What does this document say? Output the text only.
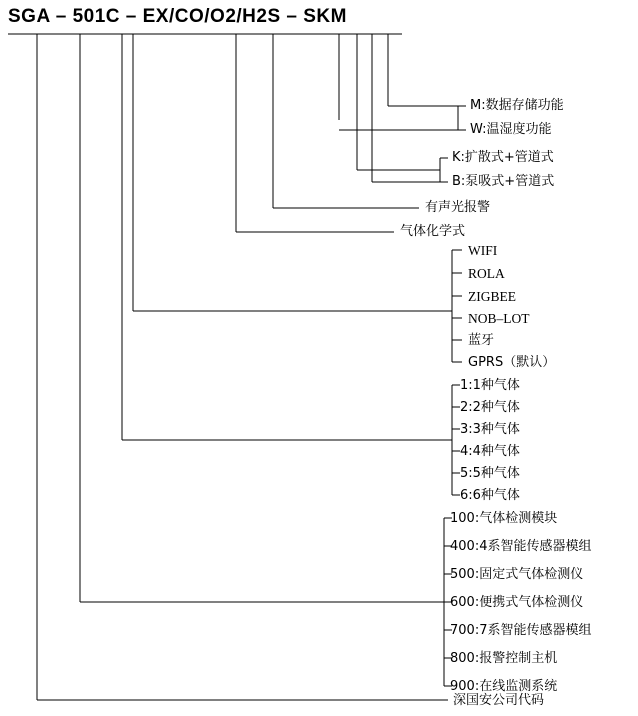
SGA – 501C – EX/CO/O2/H2S – SKM
M:数据存储功能
W:温湿度功能
K:扩散式+管道式
B:泵吸式+管道式
有声光报警
气体化学式
WIFI
ROLA
ZIGBEE
NOB–LOT
蓝牙
GPRS（默认）
1:1种气体
2:2种气体
3:3种气体
4:4种气体
5:5种气体
6:6种气体
100:气体检测模块
400:4系智能传感器模组
500:固定式气体检测仪
600:便携式气体检测仪
700:7系智能传感器模组
800:报警控制主机
900:在线监测系统
深国安公司代码
